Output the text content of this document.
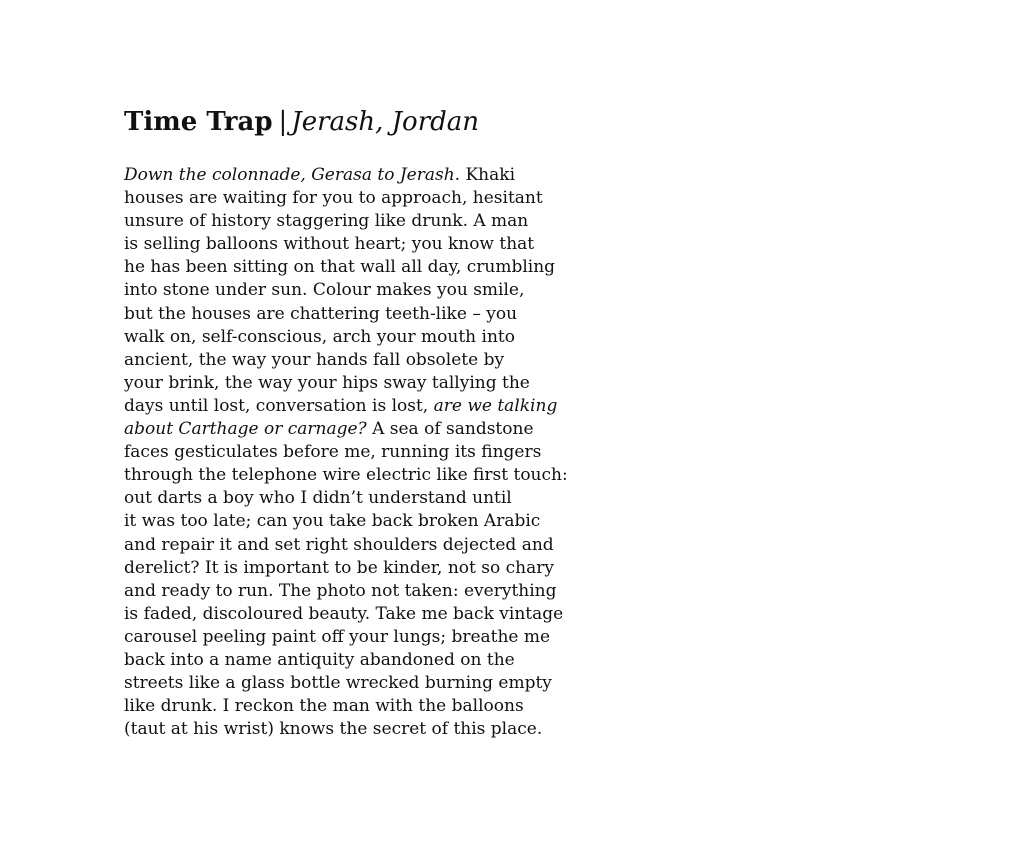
Time Trap | Jerash, Jordan
Down the colonnade, Gerasa to Jerash. Khaki
houses are waiting for you to approach, hesitant
unsure of history staggering like drunk. A man
is selling balloons without heart; you know that
he has been sitting on that wall all day, crumbling
into stone under sun. Colour makes you smile,
but the houses are chattering teeth-like – you
walk on, self-conscious, arch your mouth into
ancient, the way your hands fall obsolete by
your brink, the way your hips sway tallying the
days until lost, conversation is lost, are we talking
about Carthage or carnage? A sea of sandstone
faces gesticulates before me, running its fingers
through the telephone wire electric like first touch:
out darts a boy who I didn’t understand until
it was too late; can you take back broken Arabic
and repair it and set right shoulders dejected and
derelict? It is important to be kinder, not so chary
and ready to run. The photo not taken: everything
is faded, discoloured beauty. Take me back vintage
carousel peeling paint off your lungs; breathe me
back into a name antiquity abandoned on the
streets like a glass bottle wrecked burning empty
like drunk. I reckon the man with the balloons
(taut at his wrist) knows the secret of this place.
